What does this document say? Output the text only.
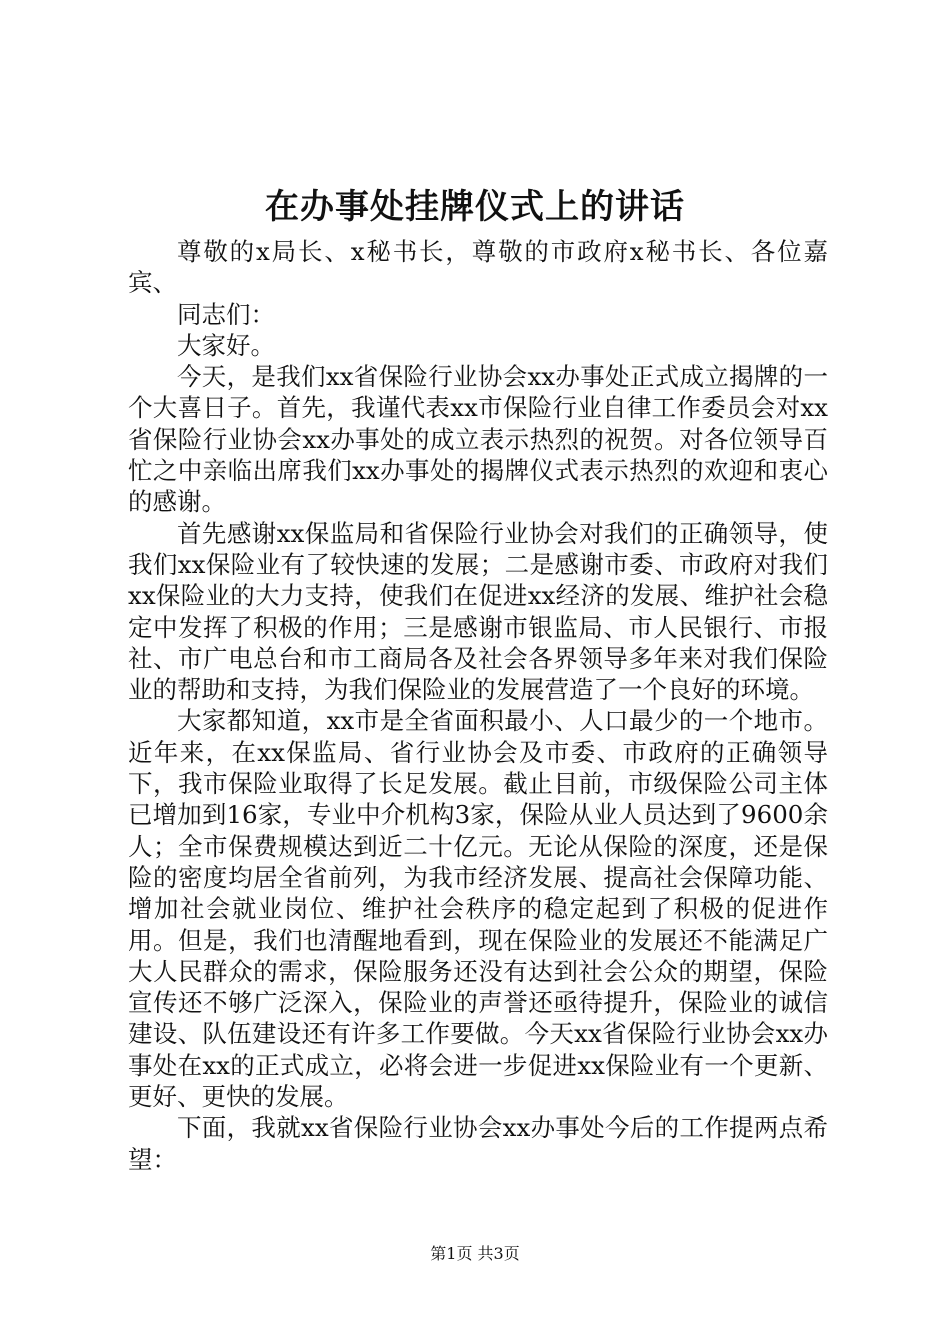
在办事处挂牌仪式上的讲话

尊敬的x局长、x秘书长，尊敬的市政府x秘书长、各位嘉宾、

同志们：

大家好。

今天，是我们xx省保险行业协会xx办事处正式成立揭牌的一个大喜日子。首先，我谨代表xx市保险行业自律工作委员会对xx省保险行业协会xx办事处的成立表示热烈的祝贺。对各位领导百忙之中亲临出席我们xx办事处的揭牌仪式表示热烈的欢迎和衷心的感谢。

首先感谢xx保监局和省保险行业协会对我们的正确领导，使我们xx保险业有了较快速的发展；二是感谢市委、市政府对我们xx保险业的大力支持，使我们在促进xx经济的发展、维护社会稳定中发挥了积极的作用；三是感谢市银监局、市人民银行、市报社、市广电总台和市工商局各及社会各界领导多年来对我们保险业的帮助和支持，为我们保险业的发展营造了一个良好的环境。

大家都知道，xx市是全省面积最小、人口最少的一个地市。近年来，在xx保监局、省行业协会及市委、市政府的正确领导下，我市保险业取得了长足发展。截止目前，市级保险公司主体已增加到16家，专业中介机构3家，保险从业人员达到了9600余人；全市保费规模达到近二十亿元。无论从保险的深度，还是保险的密度均居全省前列，为我市经济发展、提高社会保障功能、增加社会就业岗位、维护社会秩序的稳定起到了积极的促进作用。但是，我们也清醒地看到，现在保险业的发展还不能满足广大人民群众的需求，保险服务还没有达到社会公众的期望，保险宣传还不够广泛深入，保险业的声誉还亟待提升，保险业的诚信建设、队伍建设还有许多工作要做。今天xx省保险行业协会xx办事处在xx的正式成立，必将会进一步促进xx保险业有一个更新、更好、更快的发展。

下面，我就xx省保险行业协会xx办事处今后的工作提两点希望：

第1页 共3页
